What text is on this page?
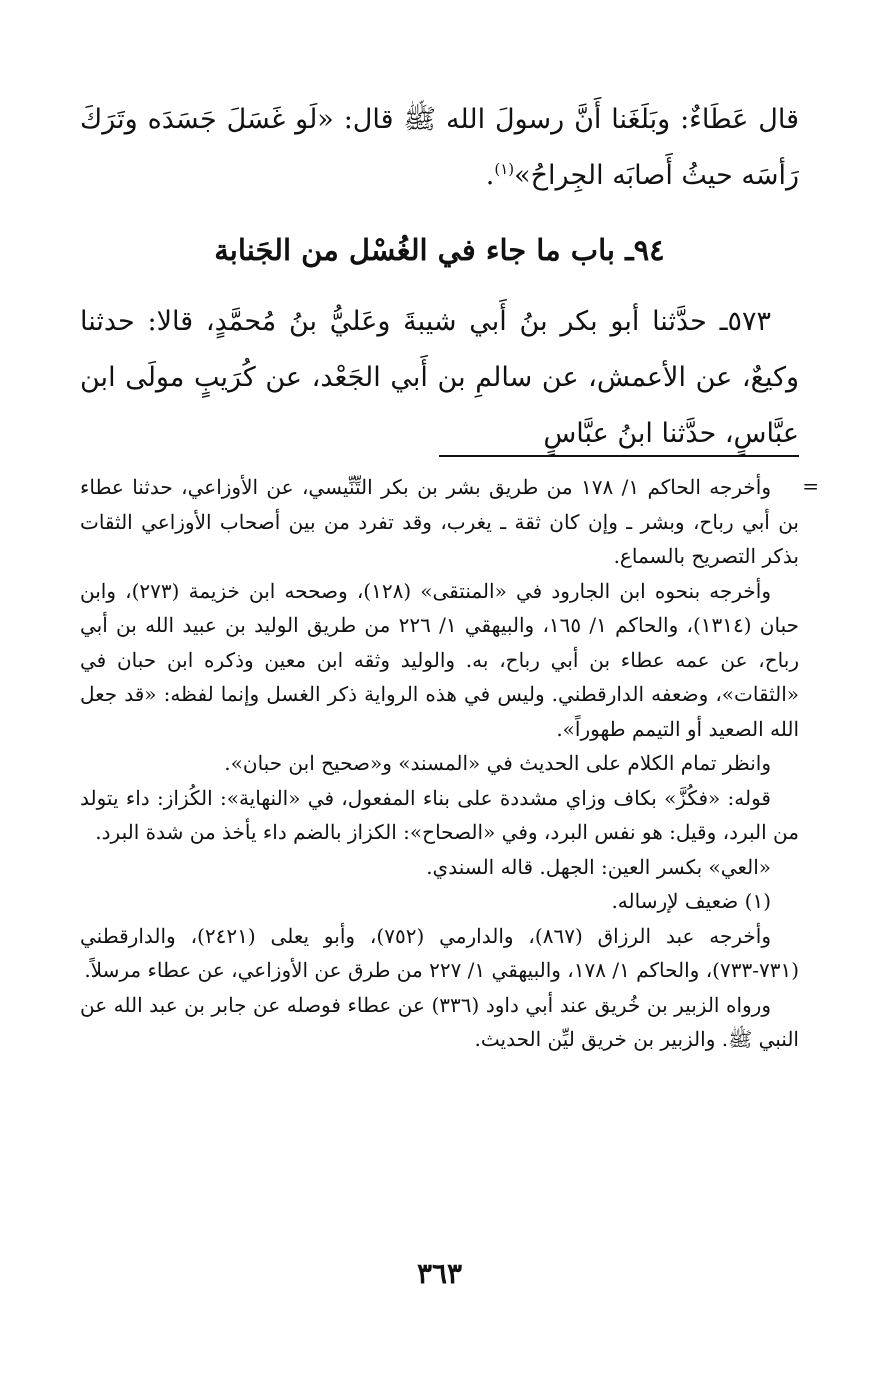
قال عَطَاءٌ: وبَلَغَنا أَنَّ رسولَ الله ﷺ قال: «لَو غَسَلَ جَسَدَه وتَرَكَ رَأسَه حيثُ أَصابَه الجِراحُ»$^{(١)}$.

٩٤ـ باب ما جاء في الغُسْل من الجَنابة

٥٧٣ـ حدَّثنا أبو بكر بنُ أَبي شيبةَ وعَليُّ بنُ مُحمَّدٍ، قالا: حدثنا وكيعٌ، عن الأعمش، عن سالمِ بن أَبي الجَعْد، عن كُرَيبٍ مولَى ابن عبَّاسٍ، حدَّثنا ابنُ عبَّاسٍ

=

وأخرجه الحاكم ١/ ١٧٨ من طريق بشر بن بكر التِّنِّيسي، عن الأوزاعي، حدثنا عطاء بن أبي رباح، وبشر ـ وإن كان ثقة ـ يغرب، وقد تفرد من بين أصحاب الأوزاعي الثقات بذكر التصريح بالسماع.

وأخرجه بنحوه ابن الجارود في «المنتقى» (١٢٨)، وصححه ابن خزيمة (٢٧٣)، وابن حبان (١٣١٤)، والحاكم ١/ ١٦٥، والبيهقي ١/ ٢٢٦ من طريق الوليد بن عبيد الله بن أبي رباح، عن عمه عطاء بن أبي رباح، به. والوليد وثقه ابن معين وذكره ابن حبان في «الثقات»، وضعفه الدارقطني. وليس في هذه الرواية ذكر الغسل وإنما لفظه: «قد جعل الله الصعيد أو التيمم طهوراً».

وانظر تمام الكلام على الحديث في «المسند» و«صحيح ابن حبان».

قوله: «فكُزَّ» بكاف وزاي مشددة على بناء المفعول، في «النهاية»: الكُزاز: داء يتولد من البرد، وقيل: هو نفس البرد، وفي «الصحاح»: الكزاز بالضم داء يأخذ من شدة البرد.

«العي» بكسر العين: الجهل. قاله السندي.

(١) ضعيف لإرساله.

وأخرجه عبد الرزاق (٨٦٧)، والدارمي (٧٥٢)، وأبو يعلى (٢٤٢١)، والدارقطني (٧٣١-٧٣٣)، والحاكم ١/ ١٧٨، والبيهقي ١/ ٢٢٧ من طرق عن الأوزاعي، عن عطاء مرسلاً.

ورواه الزبير بن خُريق عند أبي داود (٣٣٦) عن عطاء فوصله عن جابر بن عبد الله عن النبي ﷺ. والزبير بن خريق ليِّن الحديث.

٣٦٣
